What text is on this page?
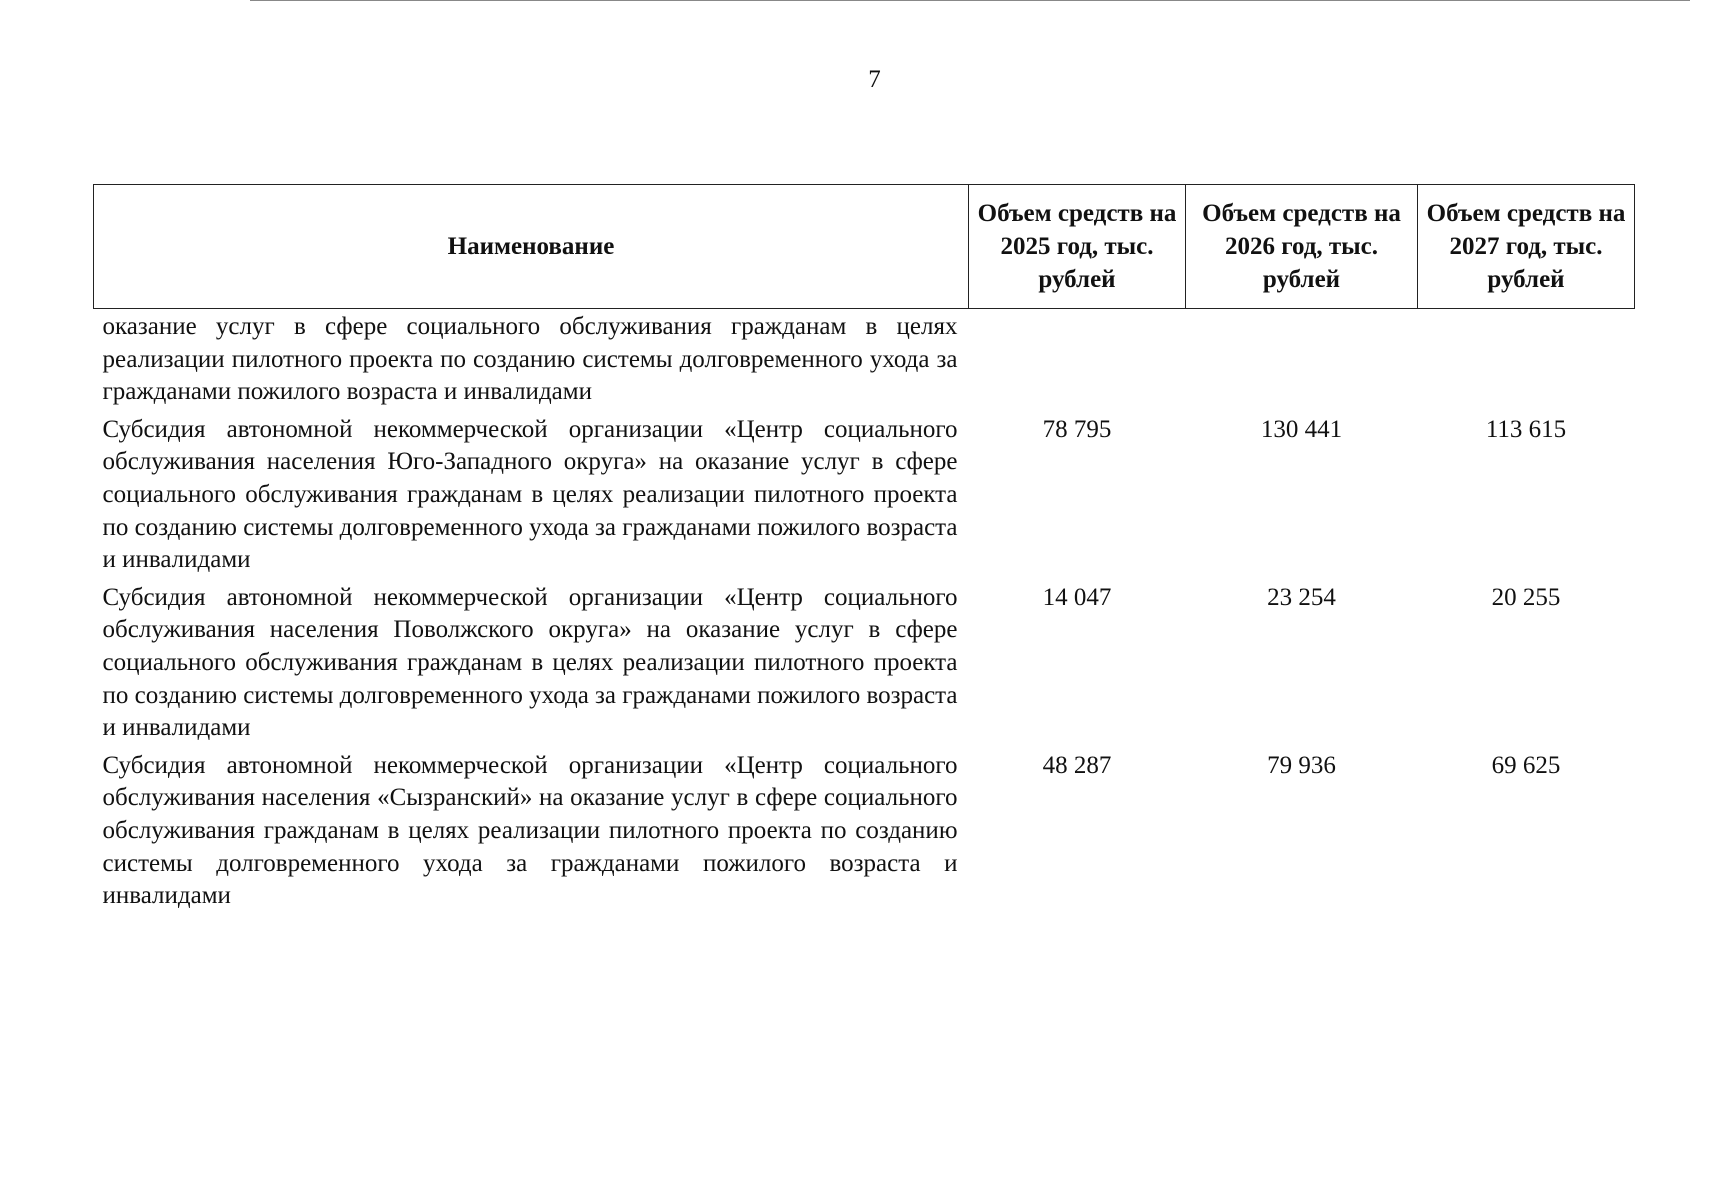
7
Наименование	Объем средств на 2025 год, тыс. рублей	Объем средств на 2026 год, тыс. рублей	Объем средств на 2027 год, тыс. рублей
оказание услуг в сфере социального обслуживания гражданам в целях реализации пилотного проекта по созданию системы долговременного ухода за гражданами пожилого возраста и инвалидами			
Субсидия автономной некоммерческой организации «Центр социального обслуживания населения Юго-Западного округа» на оказание услуг в сфере социального обслуживания гражданам в целях реализации пилотного проекта по созданию системы долговременного ухода за гражданами пожилого возраста и инвалидами	78 795	130 441	113 615
Субсидия автономной некоммерческой организации «Центр социального обслуживания населения Поволжского округа» на оказание услуг в сфере социального обслуживания гражданам в целях реализации пилотного проекта по созданию системы долговременного ухода за гражданами пожилого возраста и инвалидами	14 047	23 254	20 255
Субсидия автономной некоммерческой организации «Центр социального обслуживания населения «Сызранский» на оказание услуг в сфере социального обслуживания гражданам в целях реализации пилотного проекта по созданию системы долговременного ухода за гражданами пожилого возраста и инвалидами	48 287	79 936	69 625
